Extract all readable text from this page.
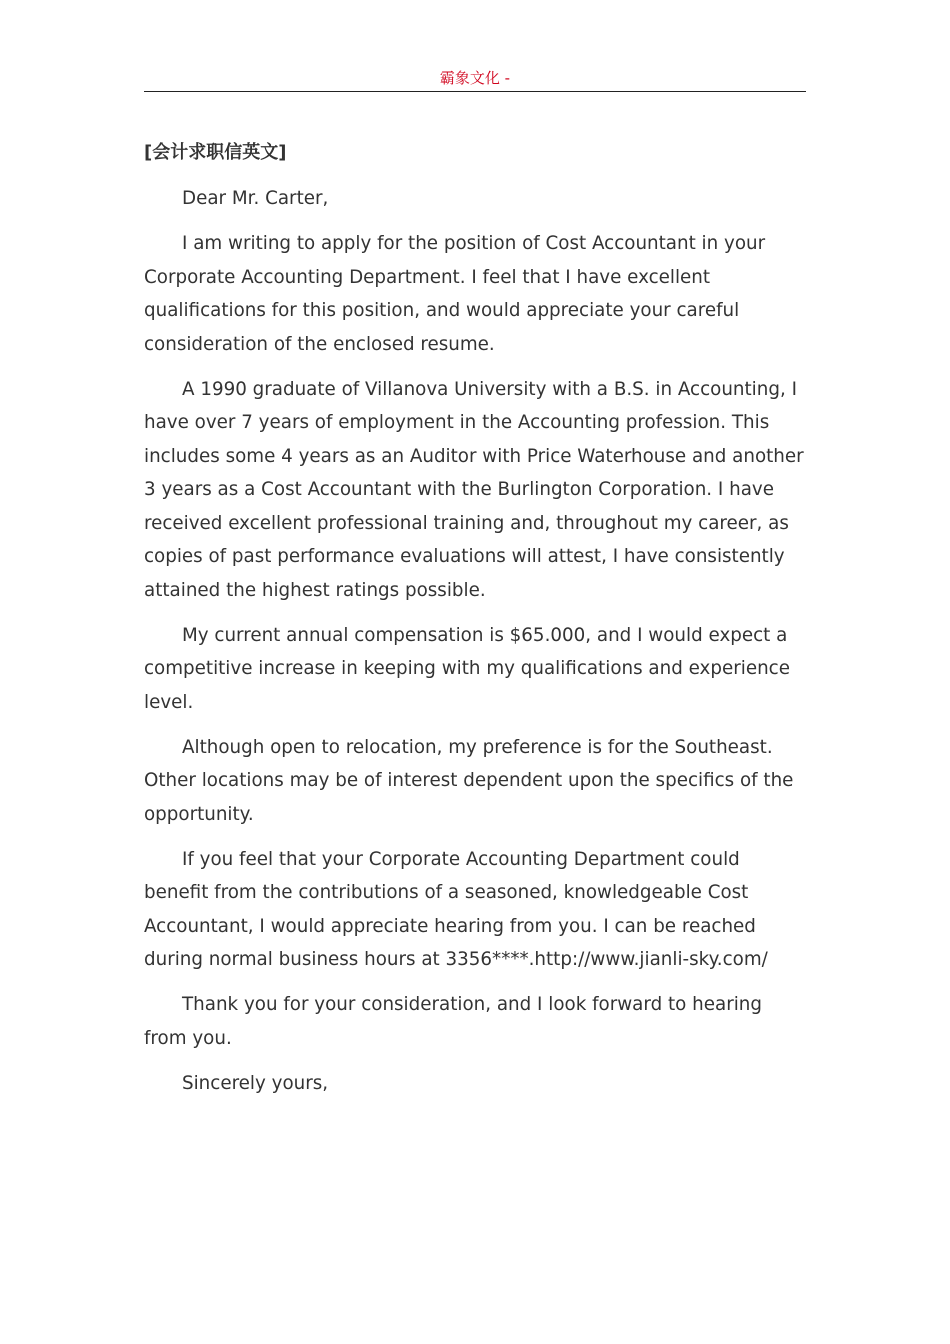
霸象文化 -
[会计求职信英文]

Dear Mr. Carter,

I am writing to apply for the position of Cost Accountant in your Corporate Accounting Department. I feel that I have excellent qualifications for this position, and would appreciate your careful consideration of the enclosed resume.

A 1990 graduate of Villanova University with a B.S. in Accounting, I have over 7 years of employment in the Accounting profession. This includes some 4 years as an Auditor with Price Waterhouse and another 3 years as a Cost Accountant with the Burlington Corporation. I have received excellent professional training and, throughout my career, as copies of past performance evaluations will attest, I have consistently attained the highest ratings possible.

My current annual compensation is $65.000, and I would expect a competitive increase in keeping with my qualifications and experience level.

Although open to relocation, my preference is for the Southeast. Other locations may be of interest dependent upon the specifics of the opportunity.

If you feel that your Corporate Accounting Department could benefit from the contributions of a seasoned, knowledgeable Cost Accountant, I would appreciate hearing from you. I can be reached during normal business hours at 3356****.http://www.jianli-sky.com/

Thank you for your consideration, and I look forward to hearing from you.

Sincerely yours,
